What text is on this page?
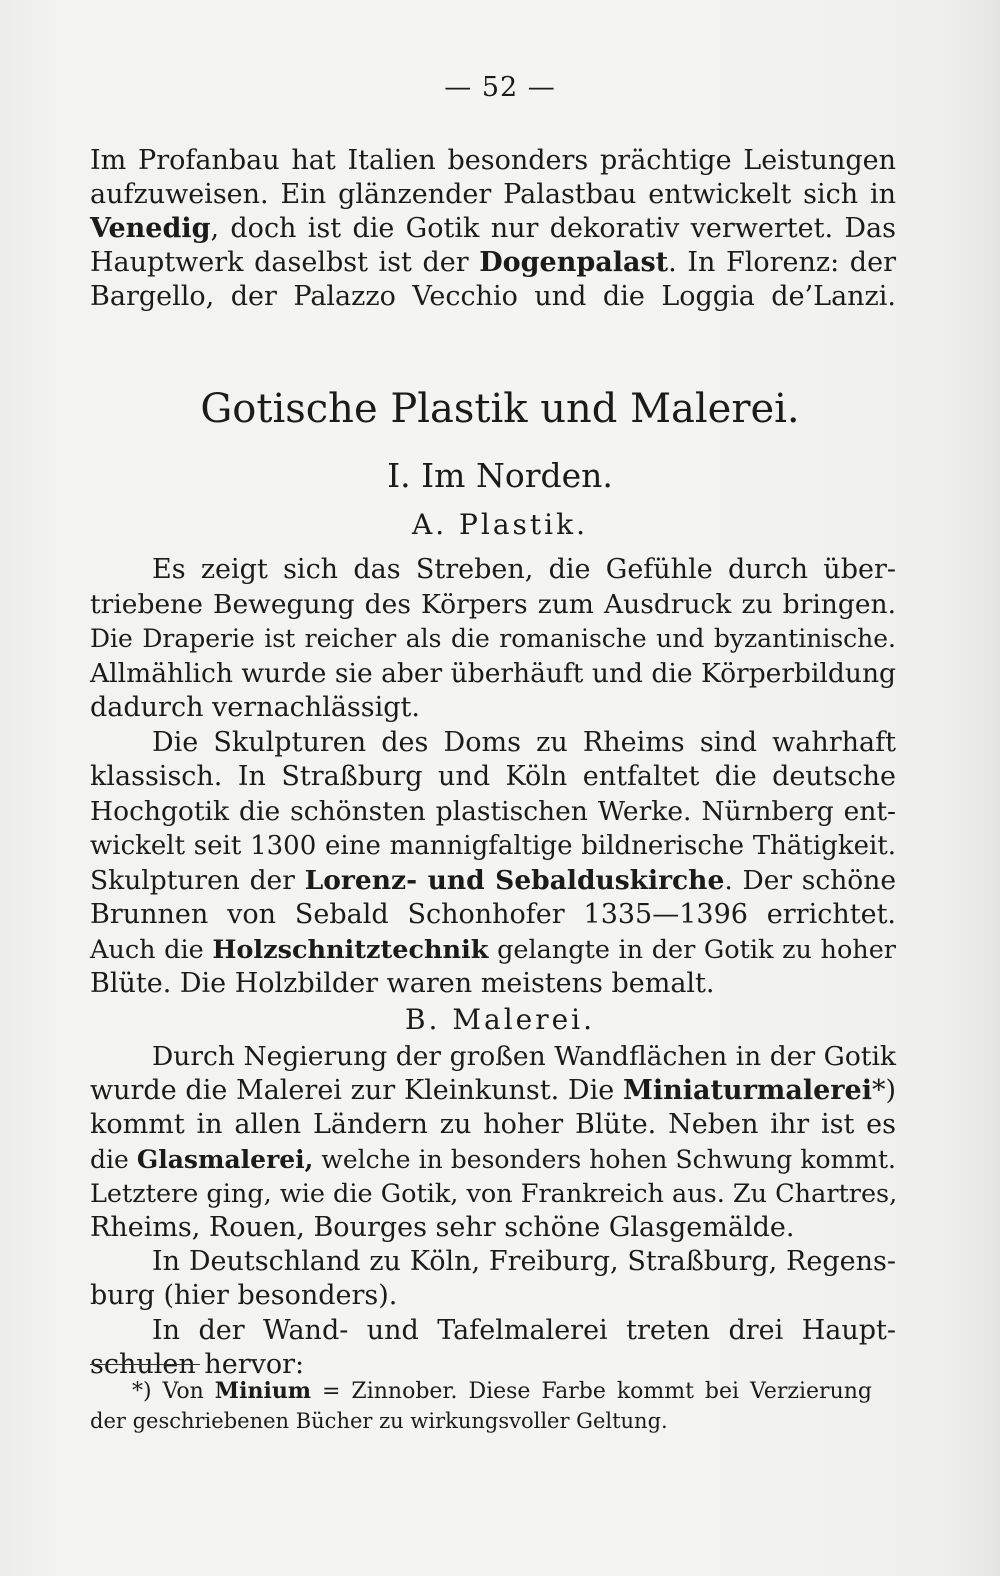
— 52 —
Im Profanbau hat Italien besonders prächtige Leistungen
aufzuweisen. Ein glänzender Palastbau entwickelt sich in
Venedig, doch ist die Gotik nur dekorativ verwertet. Das
Hauptwerk daselbst ist der Dogenpalast. In Florenz: der
Bargello, der Palazzo Vecchio und die Loggia de’Lanzi.
Gotische Plastik und Malerei.
I. Im Norden.
A. Plastik.
Es zeigt sich das Streben, die Gefühle durch über-
triebene Bewegung des Körpers zum Ausdruck zu bringen.
Die Draperie ist reicher als die romanische und byzantinische.
Allmählich wurde sie aber überhäuft und die Körperbildung
dadurch vernachlässigt.
Die Skulpturen des Doms zu Rheims sind wahrhaft
klassisch. In Straßburg und Köln entfaltet die deutsche
Hochgotik die schönsten plastischen Werke. Nürnberg ent-
wickelt seit 1300 eine mannigfaltige bildnerische Thätigkeit.
Skulpturen der Lorenz- und Sebalduskirche. Der schöne
Brunnen von Sebald Schonhofer 1335—1396 errichtet.
Auch die Holzschnitztechnik gelangte in der Gotik zu hoher
Blüte. Die Holzbilder waren meistens bemalt.
B. Malerei.
Durch Negierung der großen Wandflächen in der Gotik
wurde die Malerei zur Kleinkunst. Die Miniaturmalerei*)
kommt in allen Ländern zu hoher Blüte. Neben ihr ist es
die Glasmalerei, welche in besonders hohen Schwung kommt.
Letztere ging, wie die Gotik, von Frankreich aus. Zu Chartres,
Rheims, Rouen, Bourges sehr schöne Glasgemälde.
In Deutschland zu Köln, Freiburg, Straßburg, Regens-
burg (hier besonders).
In der Wand- und Tafelmalerei treten drei Haupt-
schulen hervor:
*) Von Minium = Zinnober. Diese Farbe kommt bei Verzierung
der geschriebenen Bücher zu wirkungsvoller Geltung.
